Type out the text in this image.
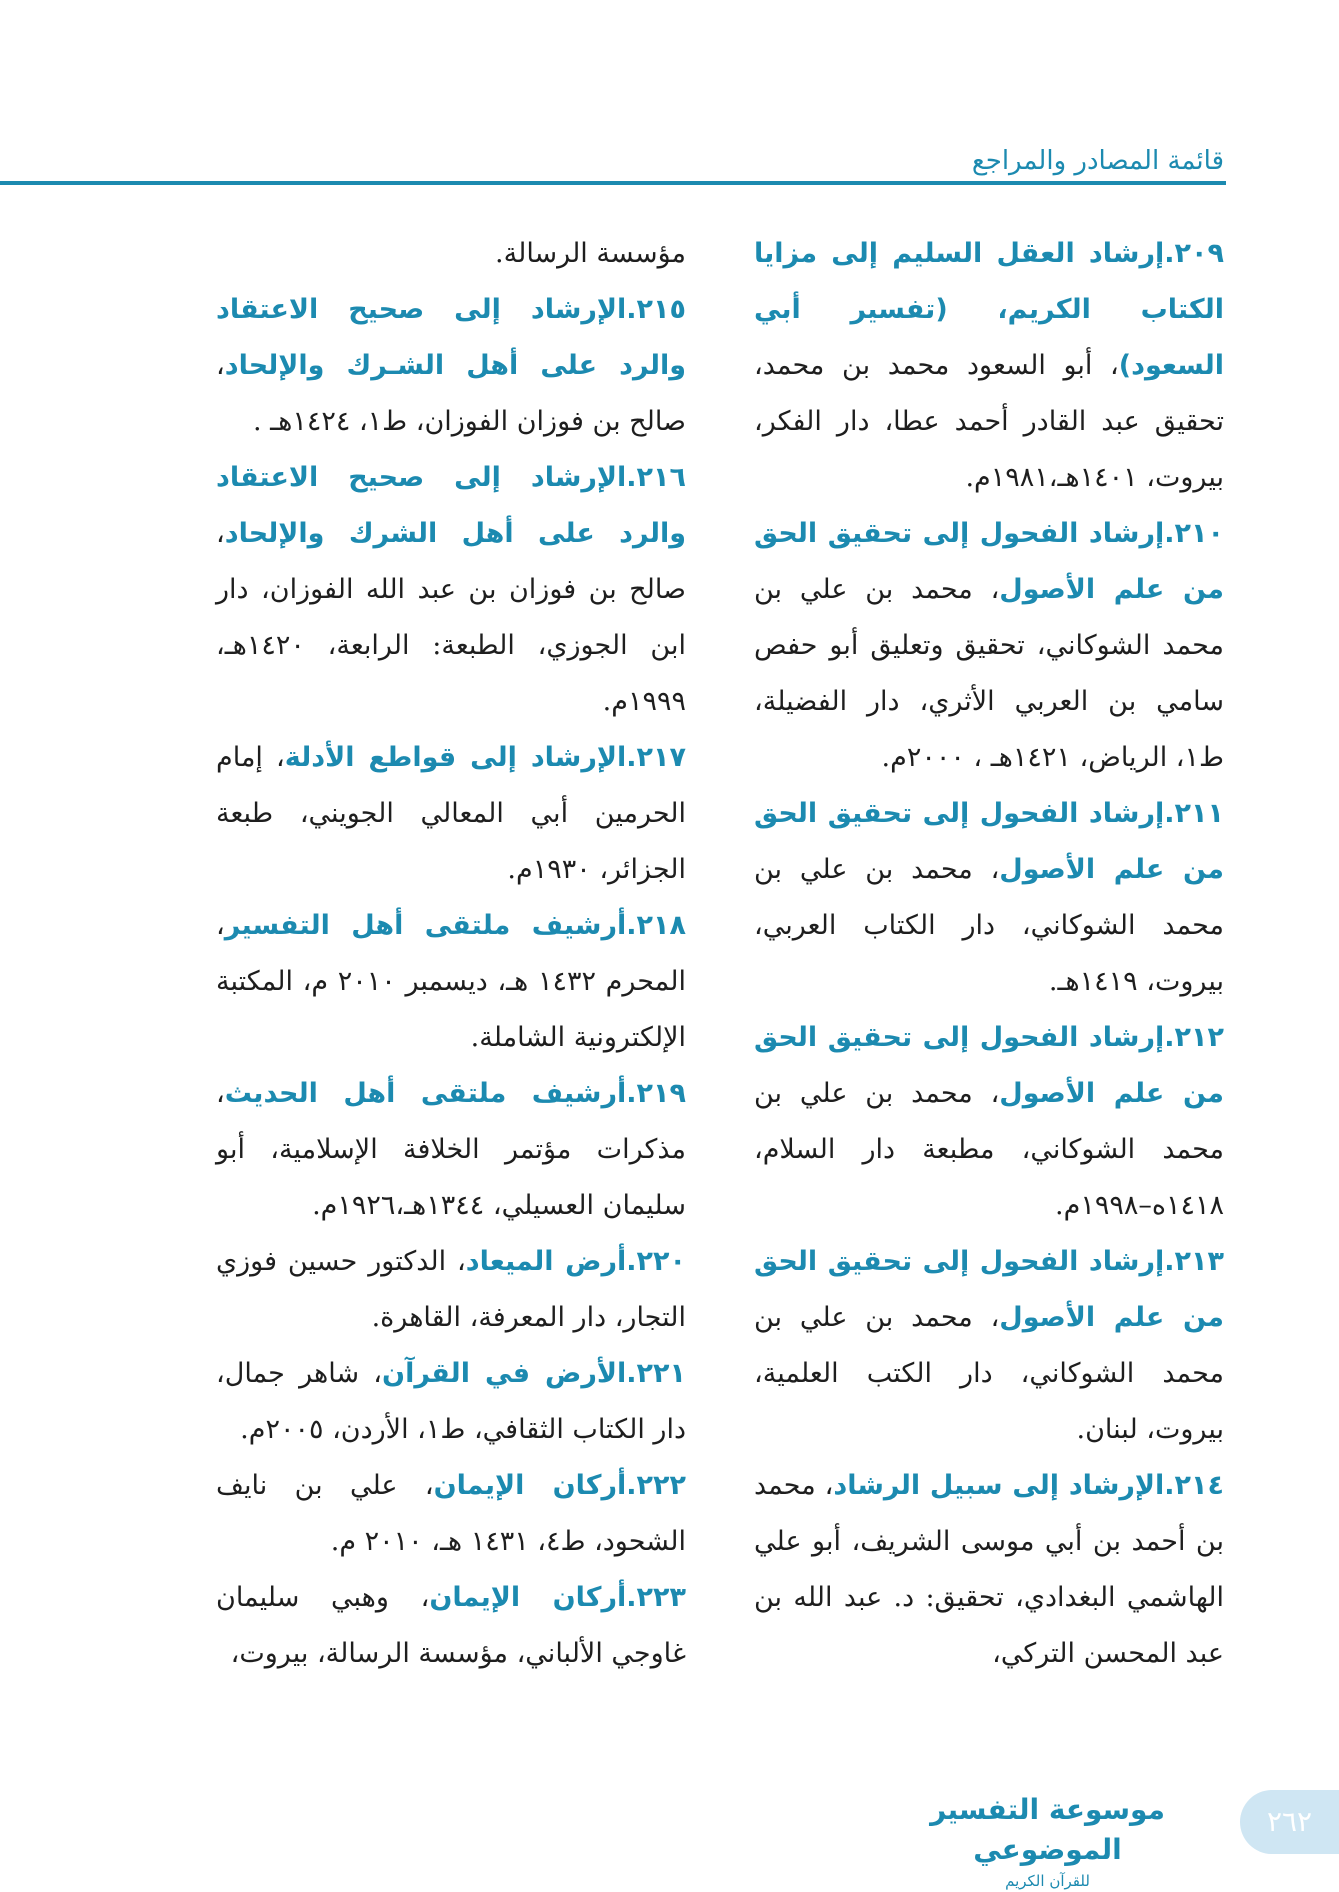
قائمة المصادر والمراجع

٢٠٩.إرشاد العقل السليم إلى مزايا الكتاب الكريم، (تفسير أبي السعود)، أبو السعود محمد بن محمد، تحقيق عبد القادر أحمد عطا، دار الفكر، بيروت، ١٤٠١هـ،١٩٨١م.

٢١٠.إرشاد الفحول إلى تحقيق الحق من علم الأصول، محمد بن علي بن محمد الشوكاني، تحقيق وتعليق أبو حفص سامي بن العربي الأثري، دار الفضيلة، ط١، الرياض، ١٤٢١هـ ، ٢٠٠٠م.

٢١١.إرشاد الفحول إلى تحقيق الحق من علم الأصول، محمد بن علي بن محمد الشوكاني، دار الكتاب العربي، بيروت، ١٤١٩هـ.

٢١٢.إرشاد الفحول إلى تحقيق الحق من علم الأصول، محمد بن علي بن محمد الشوكاني، مطبعة دار السلام، ١٤١٨ه–١٩٩٨م.

٢١٣.إرشاد الفحول إلى تحقيق الحق من علم الأصول، محمد بن علي بن محمد الشوكاني، دار الكتب العلمية، بيروت، لبنان.

٢١٤.الإرشاد إلى سبيل الرشاد، محمد بن أحمد بن أبي موسى الشريف، أبو علي الهاشمي البغدادي، تحقيق: د. عبد الله بن عبد المحسن التركي،

مؤسسة الرسالة.

٢١٥.الإرشاد إلى صحيح الاعتقاد والرد على أهل الشـرك والإلحاد، صالح بن فوزان الفوزان، ط١، ١٤٢٤هـ .

٢١٦.الإرشاد إلى صحيح الاعتقاد والرد على أهل الشرك والإلحاد، صالح بن فوزان بن عبد الله الفوزان، دار ابن الجوزي، الطبعة: الرابعة، ١٤٢٠هـ، ١٩٩٩م.

٢١٧.الإرشاد إلى قواطع الأدلة، إمام الحرمين أبي المعالي الجويني، طبعة الجزائر، ١٩٣٠م.

٢١٨.أرشيف ملتقى أهل التفسير، المحرم ١٤٣٢ هـ، ديسمبر ٢٠١٠ م، المكتبة الإلكترونية الشاملة.

٢١٩.أرشيف ملتقى أهل الحديث، مذكرات مؤتمر الخلافة الإسلامية، أبو سليمان العسيلي، ١٣٤٤هـ،١٩٢٦م.

٢٢٠.أرض الميعاد، الدكتور حسين فوزي التجار، دار المعرفة، القاهرة.

٢٢١.الأرض في القرآن، شاهر جمال، دار الكتاب الثقافي، ط١، الأردن، ٢٠٠٥م.

٢٢٢.أركان الإيمان، علي بن نايف الشحود، ط٤، ١٤٣١ هـ، ٢٠١٠ م.

٢٢٣.أركان الإيمان، وهبي سليمان غاوجي الألباني، مؤسسة الرسالة، بيروت،

موسوعة التفسير الموضوعي
للقرآن الكريم
٢٦٢
